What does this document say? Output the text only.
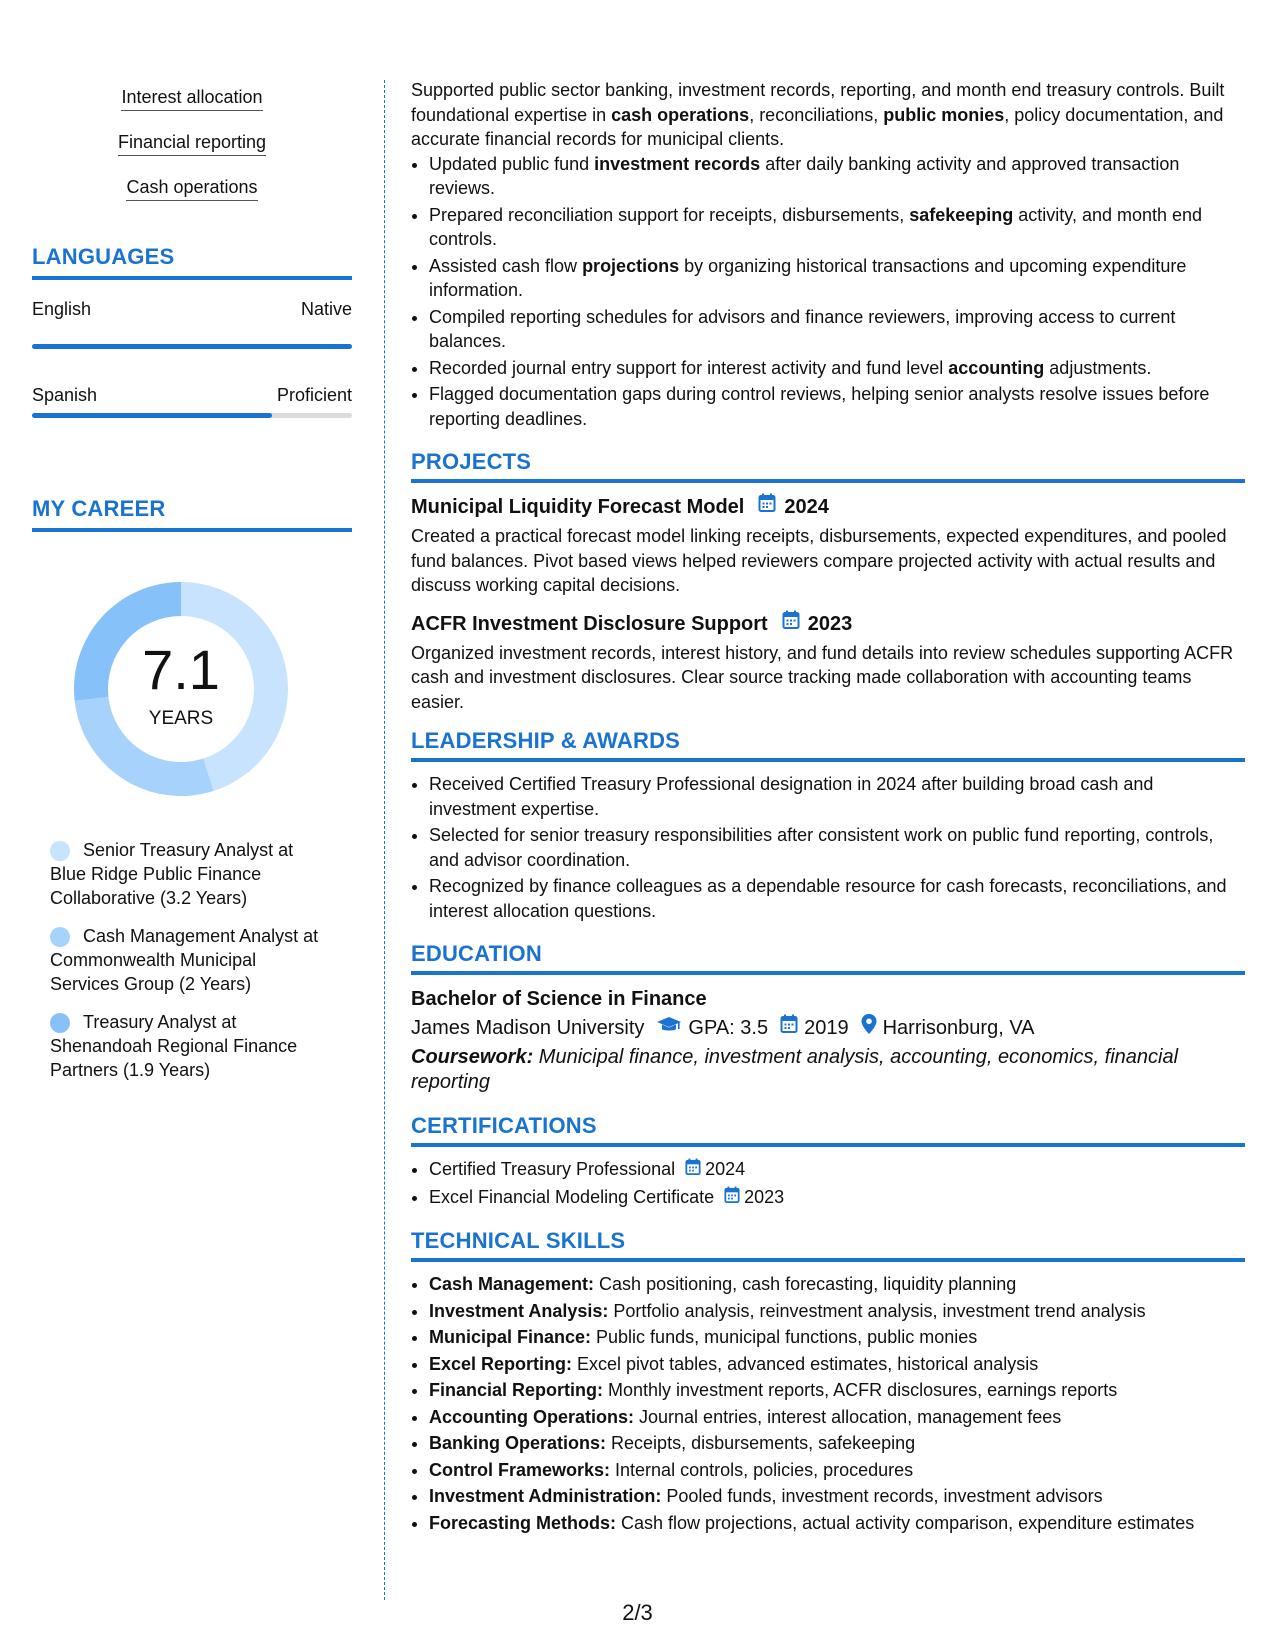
Interest allocation
Financial reporting
Cash operations
LANGUAGES
English	Native
Spanish	Proficient
MY CAREER
7.1
YEARS
Senior Treasury Analyst at Blue Ridge Public Finance Collaborative (3.2 Years)
Cash Management Analyst at Commonwealth Municipal Services Group (2 Years)
Treasury Analyst at Shenandoah Regional Finance Partners (1.9 Years)

Supported public sector banking, investment records, reporting, and month end treasury controls. Built foundational expertise in cash operations, reconciliations, public monies, policy documentation, and accurate financial records for municipal clients.

• Updated public fund investment records after daily banking activity and approved transaction reviews.
• Prepared reconciliation support for receipts, disbursements, safekeeping activity, and month end controls.
• Assisted cash flow projections by organizing historical transactions and upcoming expenditure information.
• Compiled reporting schedules for advisors and finance reviewers, improving access to current balances.
• Recorded journal entry support for interest activity and fund level accounting adjustments.
• Flagged documentation gaps during control reviews, helping senior analysts resolve issues before reporting deadlines.
PROJECTS
Municipal Liquidity Forecast Model 2024

Created a practical forecast model linking receipts, disbursements, expected expenditures, and pooled fund balances. Pivot based views helped reviewers compare projected activity with actual results and discuss working capital decisions.

ACFR Investment Disclosure Support 2023

Organized investment records, interest history, and fund details into review schedules supporting ACFR cash and investment disclosures. Clear source tracking made collaboration with accounting teams easier.

LEADERSHIP & AWARDS
• Received Certified Treasury Professional designation in 2024 after building broad cash and investment expertise.
• Selected for senior treasury responsibilities after consistent work on public fund reporting, controls, and advisor coordination.
• Recognized by finance colleagues as a dependable resource for cash forecasts, reconciliations, and interest allocation questions.
EDUCATION
Bachelor of Science in Finance
James Madison University GPA: 3.5 2019 Harrisonburg, VA
Coursework: Municipal finance, investment analysis, accounting, economics, financial reporting
CERTIFICATIONS
• Certified Treasury Professional 2024
• Excel Financial Modeling Certificate 2023
TECHNICAL SKILLS
• Cash Management: Cash positioning, cash forecasting, liquidity planning
• Investment Analysis: Portfolio analysis, reinvestment analysis, investment trend analysis
• Municipal Finance: Public funds, municipal functions, public monies
• Excel Reporting: Excel pivot tables, advanced estimates, historical analysis
• Financial Reporting: Monthly investment reports, ACFR disclosures, earnings reports
• Accounting Operations: Journal entries, interest allocation, management fees
• Banking Operations: Receipts, disbursements, safekeeping
• Control Frameworks: Internal controls, policies, procedures
• Investment Administration: Pooled funds, investment records, investment advisors
• Forecasting Methods: Cash flow projections, actual activity comparison, expenditure estimates
2/3
